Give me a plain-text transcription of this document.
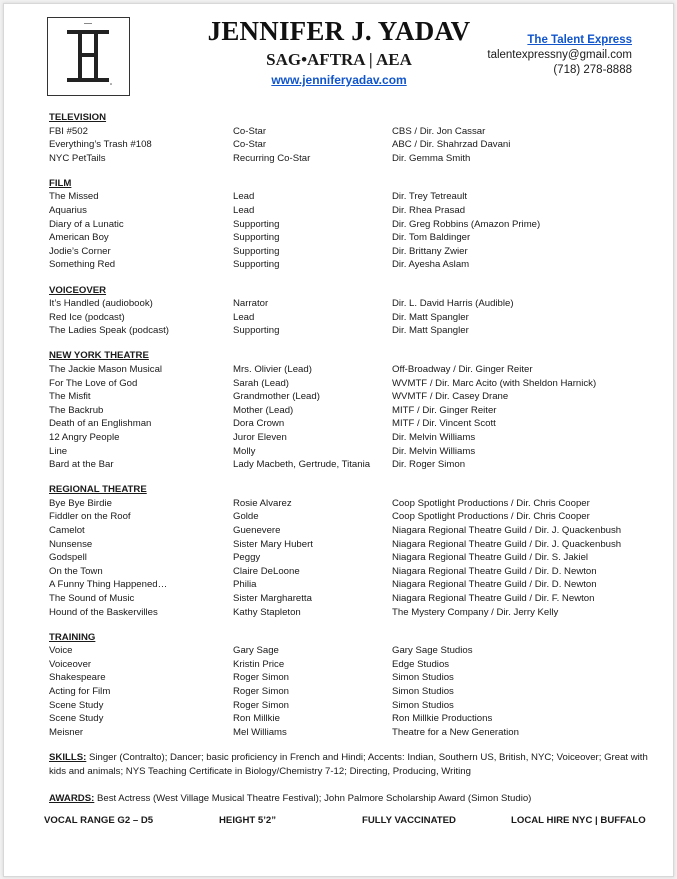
JENNIFER J. YADAV
SAG•AFTRA | AEA
www.jenniferyadav.com
The Talent Express
talentexpressny@gmail.com
(718) 278-8888
TELEVISION
FBI #502	Co-Star	CBS / Dir. Jon Cassar
Everything’s Trash #108	Co-Star	ABC / Dir. Shahrzad Davani
NYC PetTails	Recurring Co-Star	Dir. Gemma Smith
FILM
The Missed	Lead	Dir. Trey Tetreault
Aquarius	Lead	Dir. Rhea Prasad
Diary of a Lunatic	Supporting	Dir. Greg Robbins (Amazon Prime)
American Boy	Supporting	Dir. Tom Baldinger
Jodie’s Corner	Supporting	Dir. Brittany Zwier
Something Red	Supporting	Dir. Ayesha Aslam
VOICEOVER
It’s Handled (audiobook)	Narrator	Dir. L. David Harris (Audible)
Red Ice (podcast)	Lead	Dir. Matt Spangler
The Ladies Speak (podcast)	Supporting	Dir. Matt Spangler
NEW YORK THEATRE
The Jackie Mason Musical	Mrs. Olivier (Lead)	Off-Broadway / Dir. Ginger Reiter
For The Love of God	Sarah (Lead)	WVMTF / Dir. Marc Acito (with Sheldon Harnick)
The Misfit	Grandmother (Lead)	WVMTF / Dir. Casey Drane
The Backrub	Mother (Lead)	MITF / Dir. Ginger Reiter
Death of an Englishman	Dora Crown	MITF / Dir. Vincent Scott
12 Angry People	Juror Eleven	Dir. Melvin Williams
Line	Molly	Dir. Melvin Williams
Bard at the Bar	Lady Macbeth, Gertrude, Titania Dir. Roger Simon
REGIONAL THEATRE
Bye Bye Birdie	Rosie Alvarez	Coop Spotlight Productions / Dir. Chris Cooper
Fiddler on the Roof	Golde	Coop Spotlight Productions / Dir. Chris Cooper
Camelot	Guenevere	Niagara Regional Theatre Guild / Dir. J. Quackenbush
Nunsense	Sister Mary Hubert	Niagara Regional Theatre Guild / Dir. J. Quackenbush
Godspell	Peggy	Niagara Regional Theatre Guild / Dir. S. Jakiel
On the Town	Claire DeLoone	Niagara Regional Theatre Guild / Dir. D. Newton
A Funny Thing Happened…	Philia	Niagara Regional Theatre Guild / Dir. D. Newton
The Sound of Music	Sister Margharetta	Niagara Regional Theatre Guild / Dir. F. Newton
Hound of the Baskervilles	Kathy Stapleton	The Mystery Company / Dir. Jerry Kelly
TRAINING
Voice	Gary Sage	Gary Sage Studios
Voiceover	Kristin Price	Edge Studios
Shakespeare	Roger Simon	Simon Studios
Acting for Film	Roger Simon	Simon Studios
Scene Study	Roger Simon	Simon Studios
Scene Study	Ron Millkie	Ron Millkie Productions
Meisner	Mel Williams	Theatre for a New Generation
SKILLS: Singer (Contralto); Dancer; basic proficiency in French and Hindi; Accents: Indian, Southern US, British, NYC; Voiceover; Great with kids and animals; NYS Teaching Certificate in Biology/Chemistry 7-12; Directing, Producing, Writing
AWARDS: Best Actress (West Village Musical Theatre Festival); John Palmore Scholarship Award (Simon Studio)
VOCAL RANGE G2 – D5	HEIGHT 5’2”	FULLY VACCINATED	LOCAL HIRE NYC | BUFFALO
